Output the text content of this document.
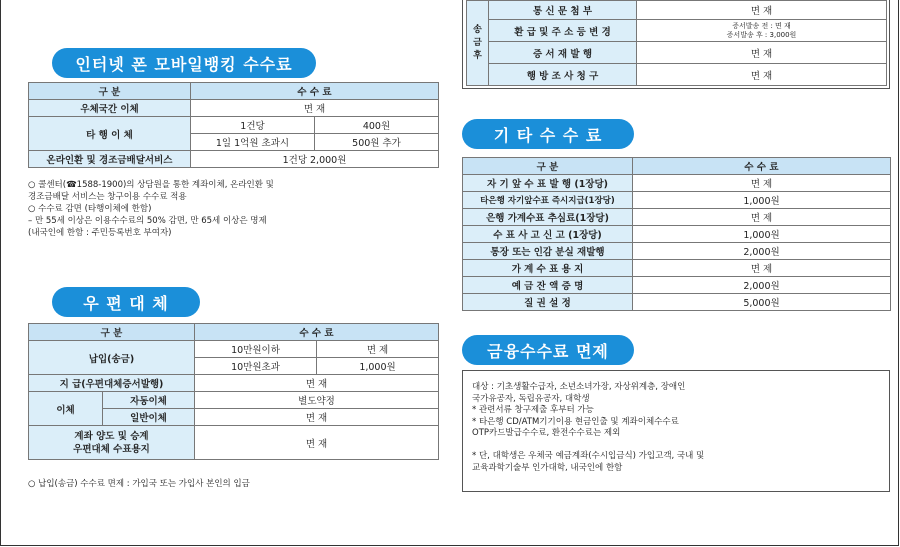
인터넷 폰 모바일뱅킹 수수료
구 분	수 수 료	
우체국간 이체	면 재	
타 행 이 체	1건당	400원
	1일 1억원 초과시	500원 추가
온라인환 및 경조금배달서비스	1건당 2,000원	
○ 콜센터(☎1588-1900)의 상담원을 통한 계좌이체, 온라인환 및
경조금배달 서비스는 창구이용 수수료 적용
○ 수수료 감면 (타행이체에 한함)
– 만 55세 이상은 이용수수료의 50% 감면, 만 65세 이상은 명제
(내국인에 한함 : 주민등록번호 부여자)
우 편 대 체
구 분		수 수 료	
납입(송금)		10만원이하	면 제
		10만원초과	1,000원
지 급(우편대체증서발행)		면 재	
이체	자동이체	별도약정	
	일반이체	면 재	

계좌 양도 및 승계
우편대체 수표용지		면 재	
○ 납입(송금) 수수료 면제 : 가입국 또는 가입사 본인의 입금
송 금 후	통 신 문 첨 부	면 재
	환 급 및 주 소 등 변 경	증서발송 전 : 면 재
증서발송 후 : 3,000원

	증 서 재 발 행	면 재
	행 방 조 사 청 구	면 재
기 타 수 수 료
구 분	수 수 료
자 기 앞 수 표 발 행 (1장당)	면 제
타은행 자기앞수표 즉시지급(1장당)	1,000원
은행 가계수표 추심료(1장당)	면 제
수 표 사 고 신 고 (1장당)	1,000원
통장 또는 인감 분실 재발행	2,000원
가 계 수 표 용 지	면 제
예 금 잔 액 증 명	2,000원
질 권 설 정	5,000원
금융수수료 면제
대상 : 기초생활수급자, 소년소녀가장, 자상위계층, 장애인
국가유공자, 독립유공자, 대학생
* 관련서류 창구제출 후부터 가능
* 타은행 CD/ATM기기이용 현금인출 및 계좌이체수수료
OTP카드발급수수료, 환전수수료는 제외
* 단, 대학생은 우체국 예금계좌(수시입금식) 가입고객, 국내 및
교육과학기술부 인가대학, 내국인에 한함
